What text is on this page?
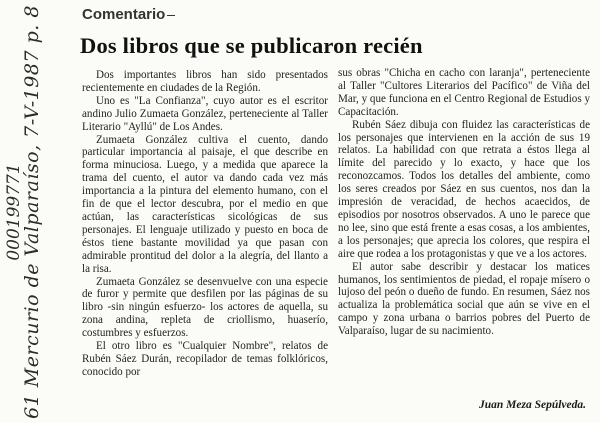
000199771
61 Mercurio de Valparaíso, 7-V-1987 p. 8	Comentario
Dos libros que se publicaron recién

Dos importantes libros han sido presentados recientemente en ciudades de la Región.

Uno es "La Confianza", cuyo autor es el escritor andino Julio Zumaeta González, perteneciente al Taller Literario "Ayllú" de Los Andes.

Zumaeta González cultiva el cuento, dando particular importancia al paisaje, el que describe en forma minuciosa. Luego, y a medida que aparece la trama del cuento, el autor va dando cada vez más importancia a la pintura del elemento humano, con el fin de que el lector descubra, por el medio en que actúan, las características sicológicas de sus personajes. El lenguaje utilizado y puesto en boca de éstos tiene bastante movilidad ya que pasan con admirable prontitud del dolor a la alegría, del llanto a la risa.

Zumaeta González se desenvuelve con una especie de furor y permite que desfilen por las páginas de su libro -sin ningún esfuerzo- los actores de aquella, su zona andina, repleta de criollismo, huaserío, costumbres y esfuerzos.

El otro libro es "Cualquier Nombre", relatos de Rubén Sáez Durán, recopilador de temas folklóricos, conocido por

sus obras "Chicha en cacho con laranja", perteneciente al Taller "Cultores Literarios del Pacífico" de Viña del Mar, y que funciona en el Centro Regional de Estudios y Capacitación.

Rubén Sáez dibuja con fluidez las características de los personajes que intervienen en la acción de sus 19 relatos. La habilidad con que retrata a éstos llega al límite del parecido y lo exacto, y hace que los reconozcamos. Todos los detalles del ambiente, como los seres creados por Sáez en sus cuentos, nos dan la impresión de veracidad, de hechos acaecidos, de episodios por nosotros observados. A uno le parece que no lee, sino que está frente a esas cosas, a los ambientes, a los personajes; que aprecia los colores, que respira el aire que rodea a los protagonistas y que ve a los actores.

El autor sabe describir y destacar los matices humanos, los sentimientos de piedad, el ropaje mísero o lujoso del peón o dueño de fundo. En resumen, Sáez nos actualiza la problemática social que aún se vive en el campo y zona urbana o barrios pobres del Puerto de Valparaíso, lugar de su nacimiento.

Juan Meza Sepúlveda.
